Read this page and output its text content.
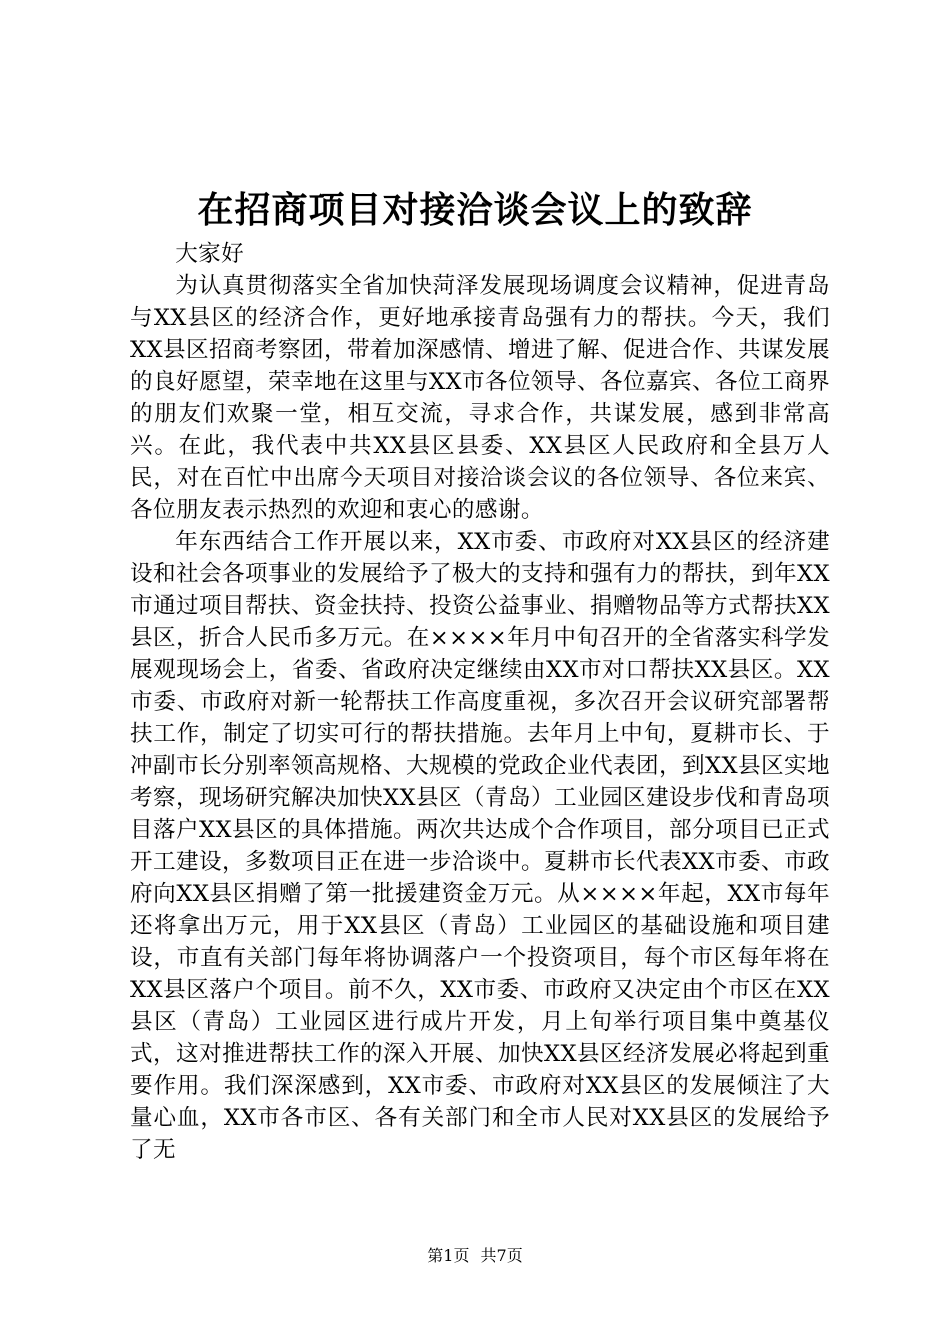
在招商项目对接洽谈会议上的致辞

大家好

为认真贯彻落实全省加快菏泽发展现场调度会议精神，促进青岛与XX县区的经济合作，更好地承接青岛强有力的帮扶。今天，我们XX县区招商考察团，带着加深感情、增进了解、促进合作、共谋发展的良好愿望，荣幸地在这里与XX市各位领导、各位嘉宾、各位工商界的朋友们欢聚一堂，相互交流，寻求合作，共谋发展，感到非常高兴。在此，我代表中共XX县区县委、XX县区人民政府和全县万人民，对在百忙中出席今天项目对接洽谈会议的各位领导、各位来宾、各位朋友表示热烈的欢迎和衷心的感谢。

年东西结合工作开展以来，XX市委、市政府对XX县区的经济建设和社会各项事业的发展给予了极大的支持和强有力的帮扶，到年XX市通过项目帮扶、资金扶持、投资公益事业、捐赠物品等方式帮扶XX县区，折合人民币多万元。在××××年月中旬召开的全省落实科学发展观现场会上，省委、省政府决定继续由XX市对口帮扶XX县区。XX市委、市政府对新一轮帮扶工作高度重视，多次召开会议研究部署帮扶工作，制定了切实可行的帮扶措施。去年月上中旬，夏耕市长、于冲副市长分别率领高规格、大规模的党政企业代表团，到XX县区实地考察，现场研究解决加快XX县区（青岛）工业园区建设步伐和青岛项目落户XX县区的具体措施。两次共达成个合作项目，部分项目已正式开工建设，多数项目正在进一步洽谈中。夏耕市长代表XX市委、市政府向XX县区捐赠了第一批援建资金万元。从××××年起，XX市每年还将拿出万元，用于XX县区（青岛）工业园区的基础设施和项目建设，市直有关部门每年将协调落户一个投资项目，每个市区每年将在XX县区落户个项目。前不久，XX市委、市政府又决定由个市区在XX县区（青岛）工业园区进行成片开发，月上旬举行项目集中奠基仪式，这对推进帮扶工作的深入开展、加快XX县区经济发展必将起到重要作用。我们深深感到，XX市委、市政府对XX县区的发展倾注了大量心血，XX市各市区、各有关部门和全市人民对XX县区的发展给予了无

第1页 共7页
